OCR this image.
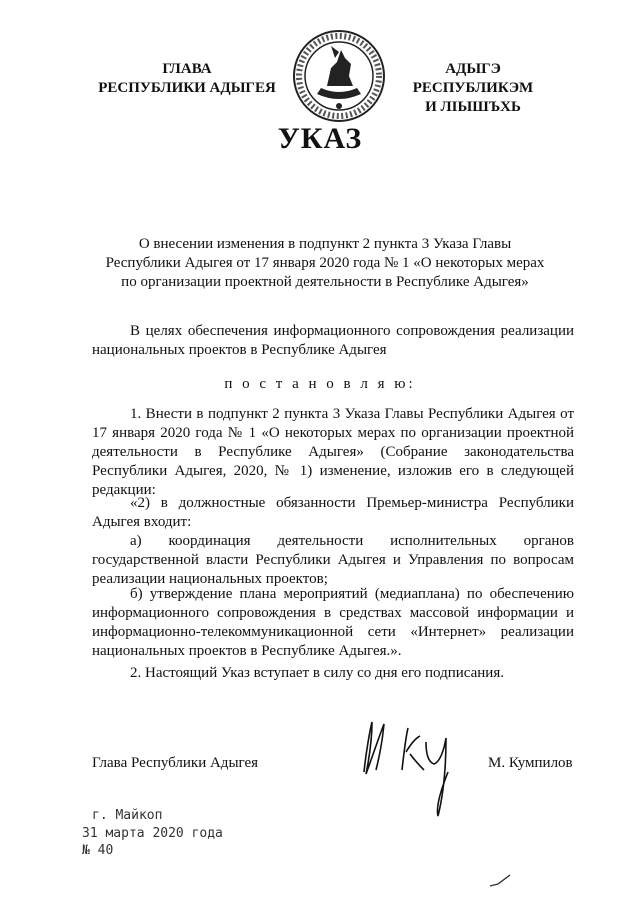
ГЛАВА
РЕСПУБЛИКИ АДЫГЕЯ
АДЫГЭ РЕСПУБЛИКЭМ
И ЛІЫШЪХЬ
УКАЗ
О внесении изменения в подпункт 2 пункта 3 Указа Главы
Республики Адыгея от 17 января 2020 года № 1 «О некоторых мерах
по организации проектной деятельности в Республике Адыгея»
В целях обеспечения информационного сопровождения реализации национальных проектов в Республике Адыгея
п о с т а н о в л я ю:
1. Внести в подпункт 2 пункта 3 Указа Главы Республики Адыгея от 17 января 2020 года № 1 «О некоторых мерах по организации проектной деятельности в Республике Адыгея» (Собрание законодательства Республики Адыгея, 2020, № 1) изменение, изложив его в следующей редакции:
«2) в должностные обязанности Премьер-министра Республики Адыгея входит:
а) координация деятельности исполнительных органов государственной власти Республики Адыгея и Управления по вопросам реализации национальных проектов;
б) утверждение плана мероприятий (медиаплана) по обеспечению информационного сопровождения в средствах массовой информации и информационно-телекоммуникационной сети «Интернет» реализации национальных проектов в Республике Адыгея.».
2. Настоящий Указ вступает в силу со дня его подписания.
Глава Республики Адыгея	М. Кумпилов
г. Майкоп
31 марта 2020 года
№ 40
